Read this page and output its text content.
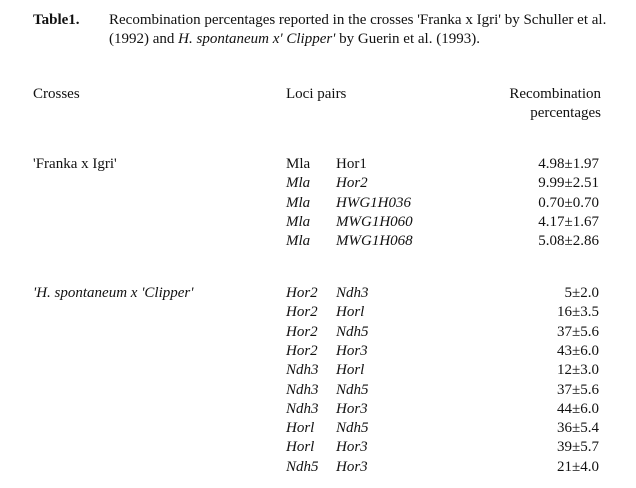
Table1. Recombination percentages reported in the crosses 'Franka x Igri' by Schuller et al. (1992) and H. spontaneum x' Clipper' by Guerin et al. (1993).
Crosses	Loci pairs	Recombination
percentages
'Franka x Igri'	Mla Hor1	4.98±1.97
Mla Hor2	9.99±2.51
Mla HWG1H036	0.70±0.70
Mla MWG1H060	4.17±1.67
Mla MWG1H068	5.08±2.86
'H. spontaneum x 'Clipper'	Hor2 Ndh3	5±2.0
Hor2 Horl	16±3.5
Hor2 Ndh5	37±5.6
Hor2 Hor3	43±6.0
Ndh3 Horl	12±3.0
Ndh3 Ndh5	37±5.6
Ndh3 Hor3	44±6.0
Horl Ndh5	36±5.4
Horl Hor3	39±5.7
Ndh5 Hor3	21±4.0
